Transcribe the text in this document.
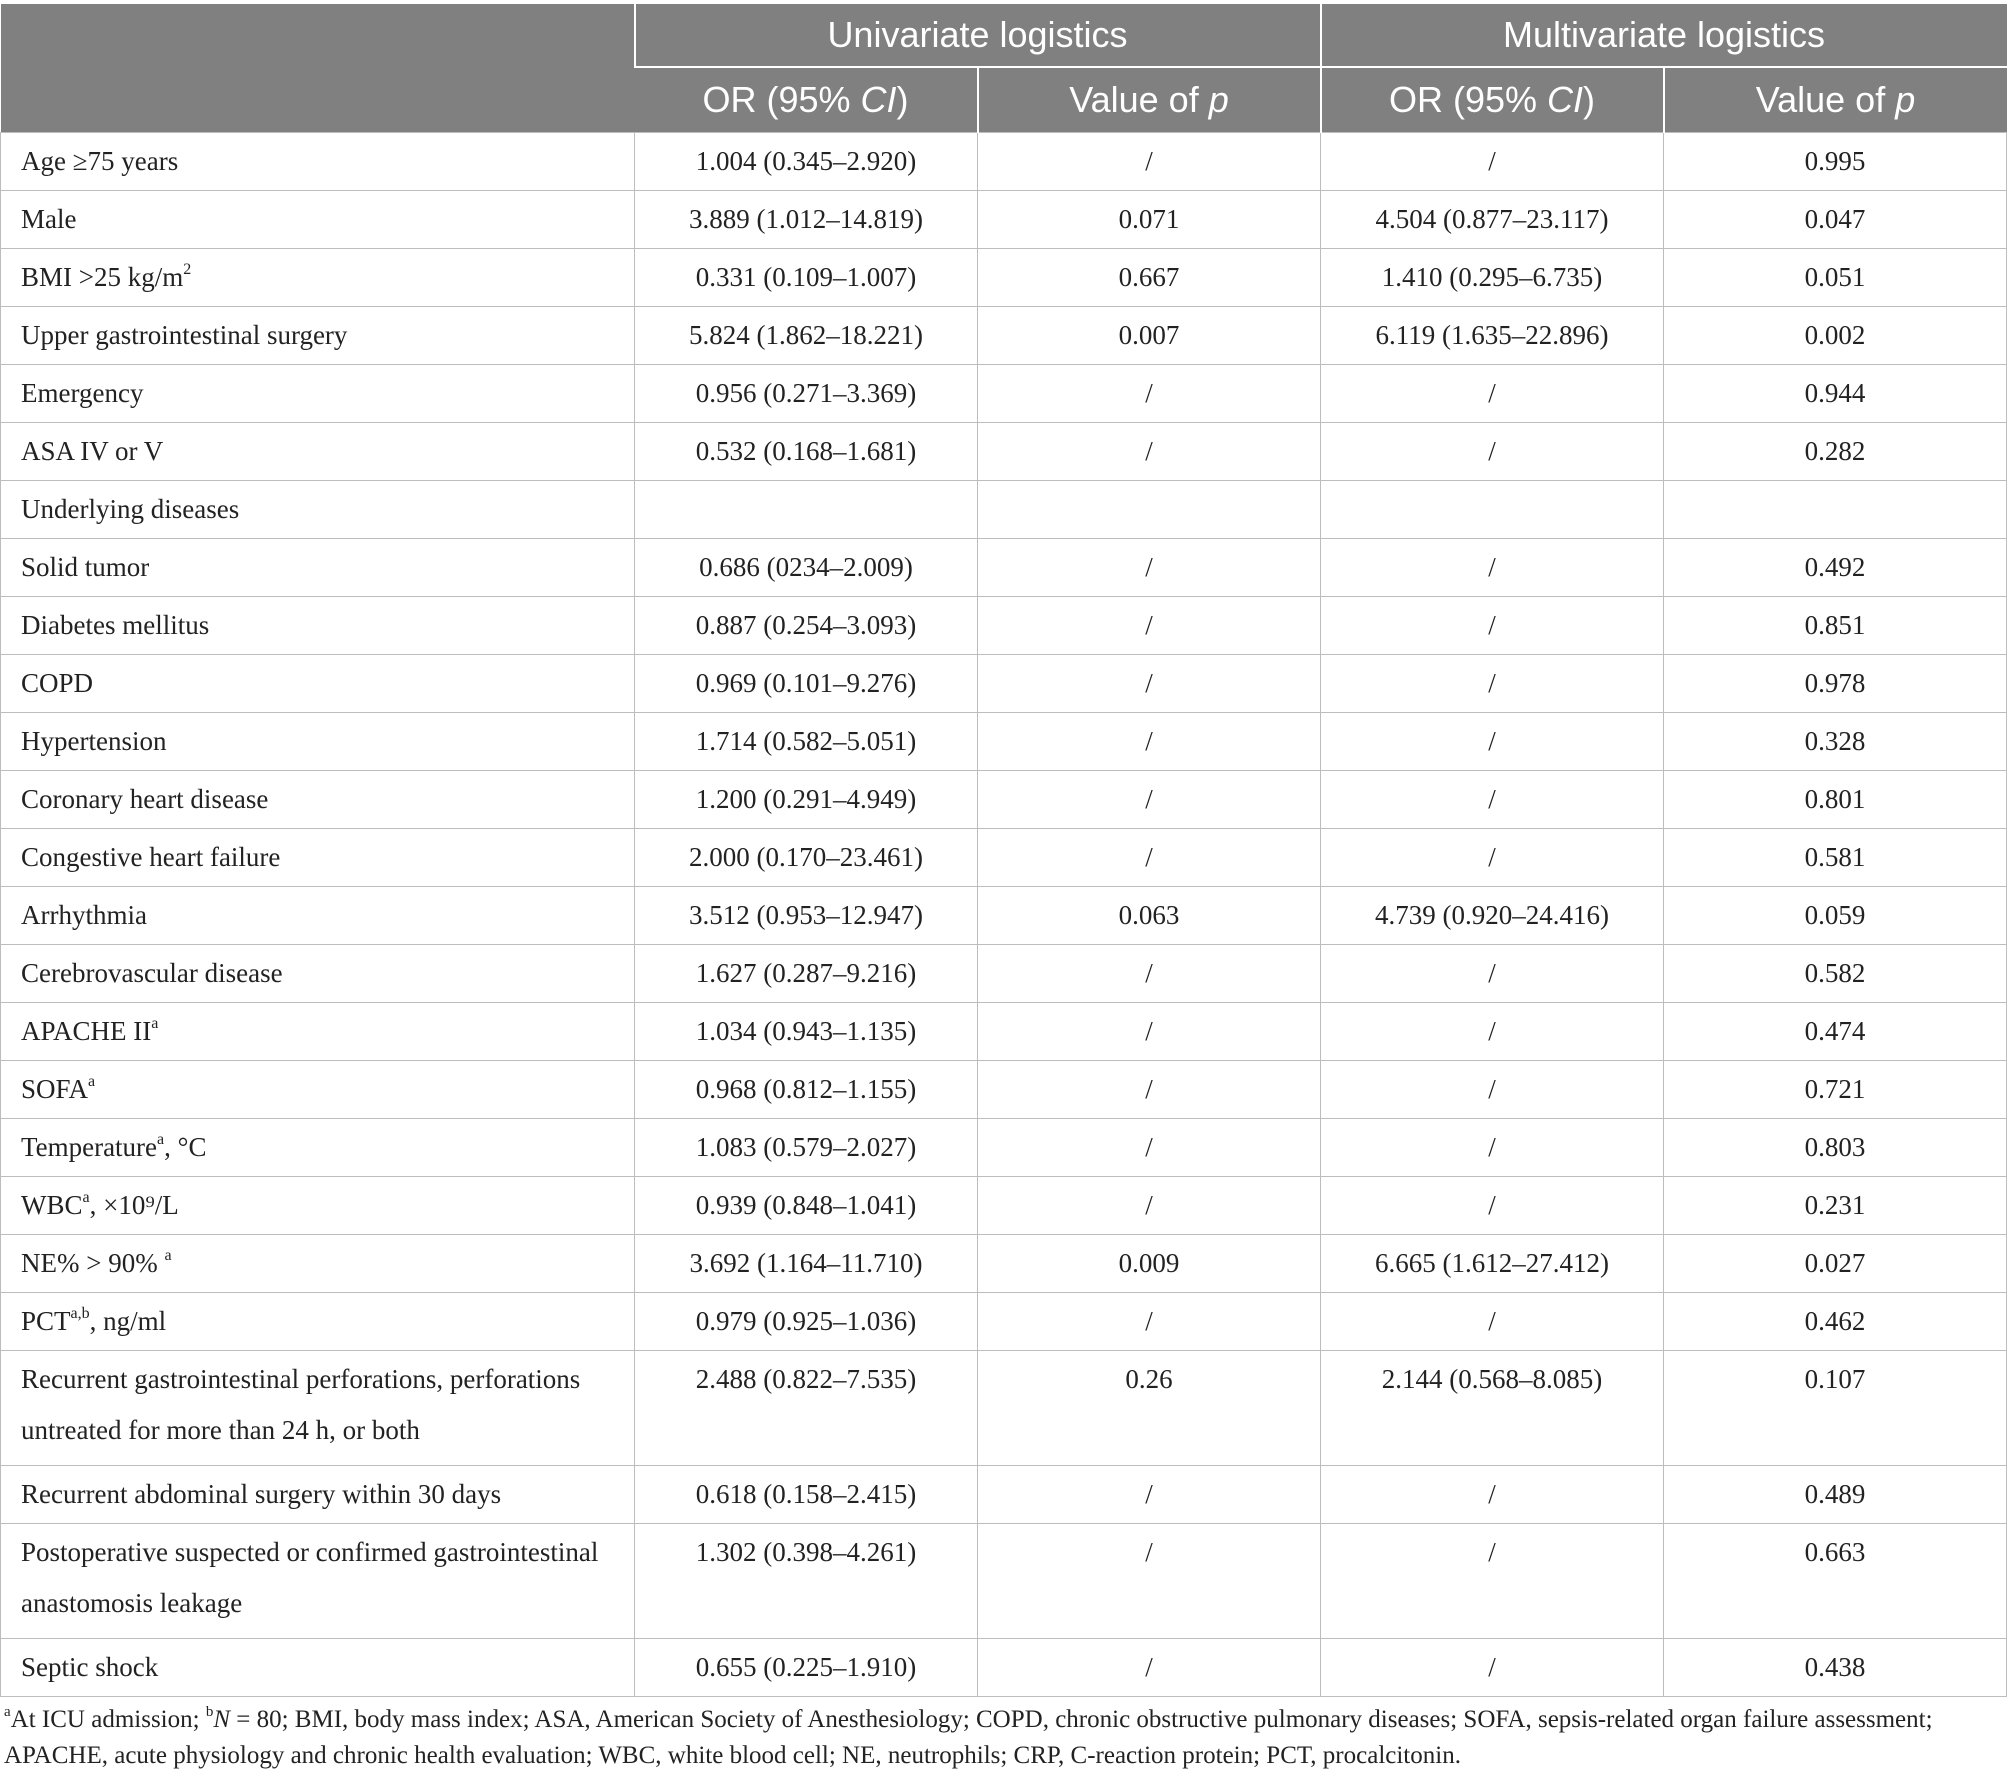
	Univariate logistics		Multivariate logistics	
	OR (95% CI)	Value of p	OR (95% CI)	Value of p
Age ≥75 years	1.004 (0.345–2.920)	/	/	0.995
Male	3.889 (1.012–14.819)	0.071	4.504 (0.877–23.117)	0.047
BMI >25 $kg/m^2$	0.331 (0.109–1.007)	0.667	1.410 (0.295–6.735)	0.051
Upper gastrointestinal surgery	5.824 (1.862–18.221)	0.007	6.119 (1.635–22.896)	0.002
Emergency	0.956 (0.271–3.369)	/	/	0.944
ASA IV or V	0.532 (0.168–1.681)	/	/	0.282
Underlying diseases				
Solid tumor	0.686 (0234–2.009)	/	/	0.492
Diabetes mellitus	0.887 (0.254–3.093)	/	/	0.851
COPD	0.969 (0.101–9.276)	/	/	0.978
Hypertension	1.714 (0.582–5.051)	/	/	0.328
Coronary heart disease	1.200 (0.291–4.949)	/	/	0.801
Congestive heart failure	2.000 (0.170–23.461)	/	/	0.581
Arrhythmia	3.512 (0.953–12.947)	0.063	4.739 (0.920–24.416)	0.059
Cerebrovascular disease	1.627 (0.287–9.216)	/	/	0.582
APACHE $II^a$	1.034 (0.943–1.135)	/	/	0.474
SOFA$^a$	0.968 (0.812–1.155)	/	/	0.721
Temperature$^a$, °C	1.083 (0.579–2.027)	/	/	0.803
$WBC^a$, ×10⁹/L	0.939 (0.848–1.041)	/	/	0.231
NE% > 90% $^a$	3.692 (1.164–11.710)	0.009	6.665 (1.612–27.412)	0.027
PCT$^{a,b}$, ng/ml	0.979 (0.925–1.036)	/	/	0.462
Recurrent gastrointestinal perforations, perforations untreated for more than 24 h, or both	2.488 (0.822–7.535)	0.26	2.144 (0.568–8.085)	0.107
Recurrent abdominal surgery within 30 days	0.618 (0.158–2.415)	/	/	0.489
Postoperative suspected or confirmed gastrointestinal anastomosis leakage	1.302 (0.398–4.261)	/	/	0.663
Septic shock	0.655 (0.225–1.910)	/	/	0.438
$^a$At ICU admission; $^b$N = 80; BMI, body mass index; ASA, American Society of Anesthesiology; COPD, chronic obstructive pulmonary diseases; SOFA, sepsis-related organ failure assessment; APACHE, acute physiology and chronic health evaluation; WBC, white blood cell; NE, neutrophils; CRP, C-reaction protein; PCT, procalcitonin.
